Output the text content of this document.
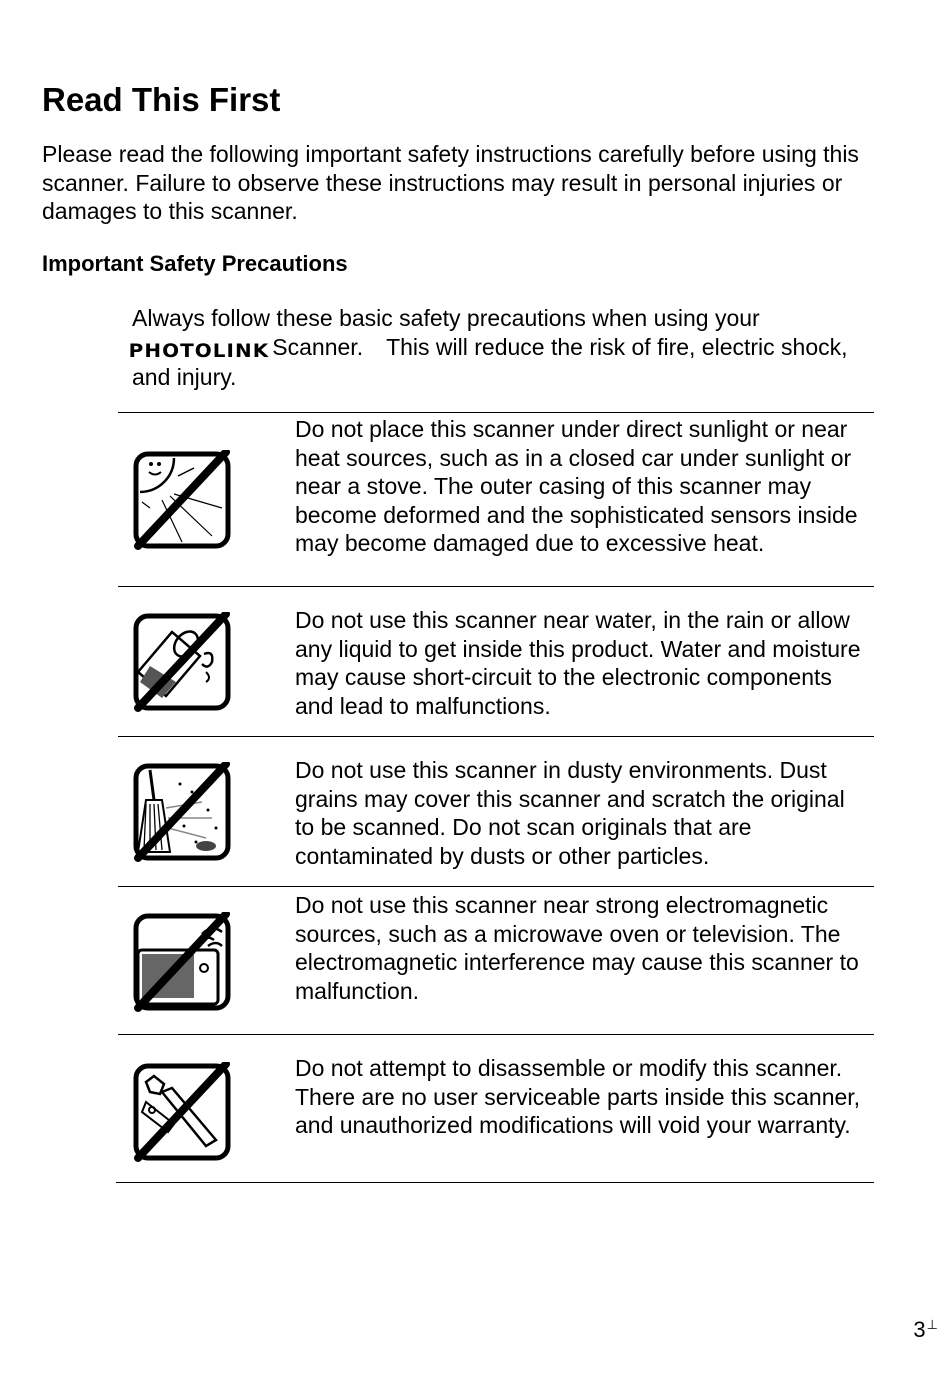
Read This First

Please read the following important safety instructions carefully before using this scanner. Failure to observe these instructions may result in personal injuries or damages to this scanner.

Important Safety Precautions

Always follow these basic safety precautions when using your
PHOTOLINK Scanner. This will reduce the risk of fire, electric shock, and injury.

Do not place this scanner under direct sunlight or near heat sources, such as in a closed car under sunlight or near a stove. The outer casing of this scanner may become deformed and the sophisticated sensors inside may become damaged due to excessive heat.

Do not use this scanner near water, in the rain or allow any liquid to get inside this product. Water and moisture may cause short-circuit to the electronic components and lead to malfunctions.

Do not use this scanner in dusty environments. Dust grains may cover this scanner and scratch the original to be scanned. Do not scan originals that are contaminated by dusts or other particles.

Do not use this scanner near strong electromagnetic sources, such as a microwave oven or television. The electromagnetic interference may cause this scanner to malfunction.

Do not attempt to disassemble or modify this scanner. There are no user serviceable parts inside this scanner, and unauthorized modifications will void your warranty.

3⊥
